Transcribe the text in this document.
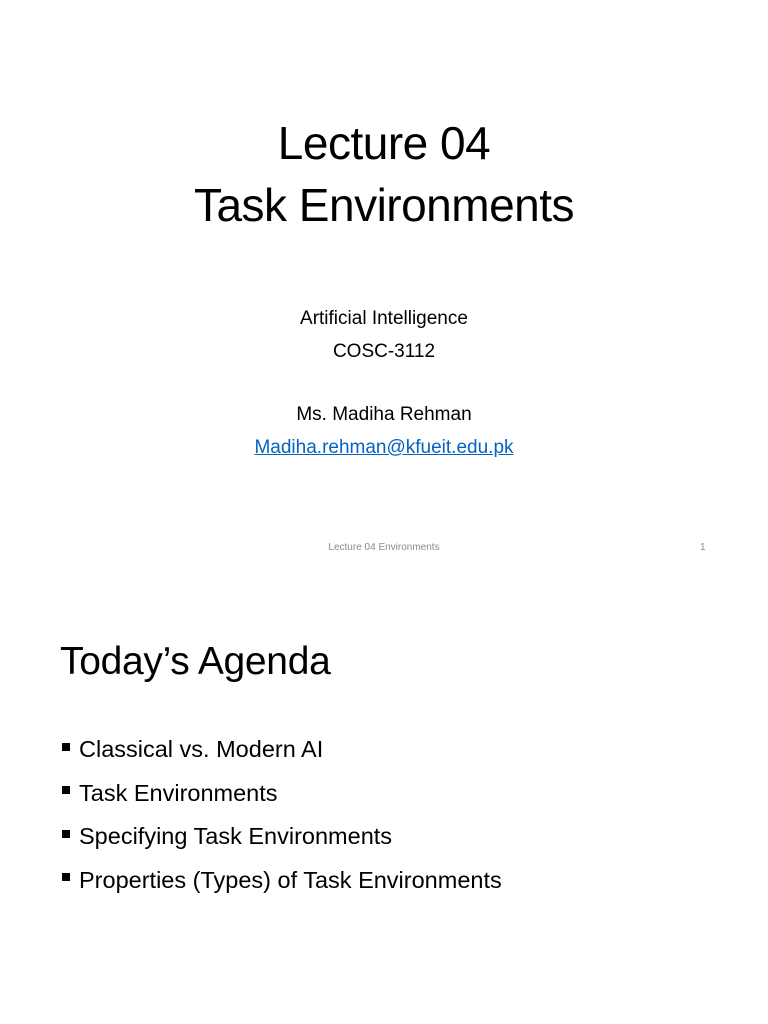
Lecture 04
Task Environments
Artificial Intelligence
COSC-3112
Ms. Madiha Rehman
Madiha.rehman@kfueit.edu.pk
Lecture 04 Environments	1
Today’s Agenda
Classical vs. Modern AI
Task Environments
Specifying Task Environments
Properties (Types) of Task Environments
